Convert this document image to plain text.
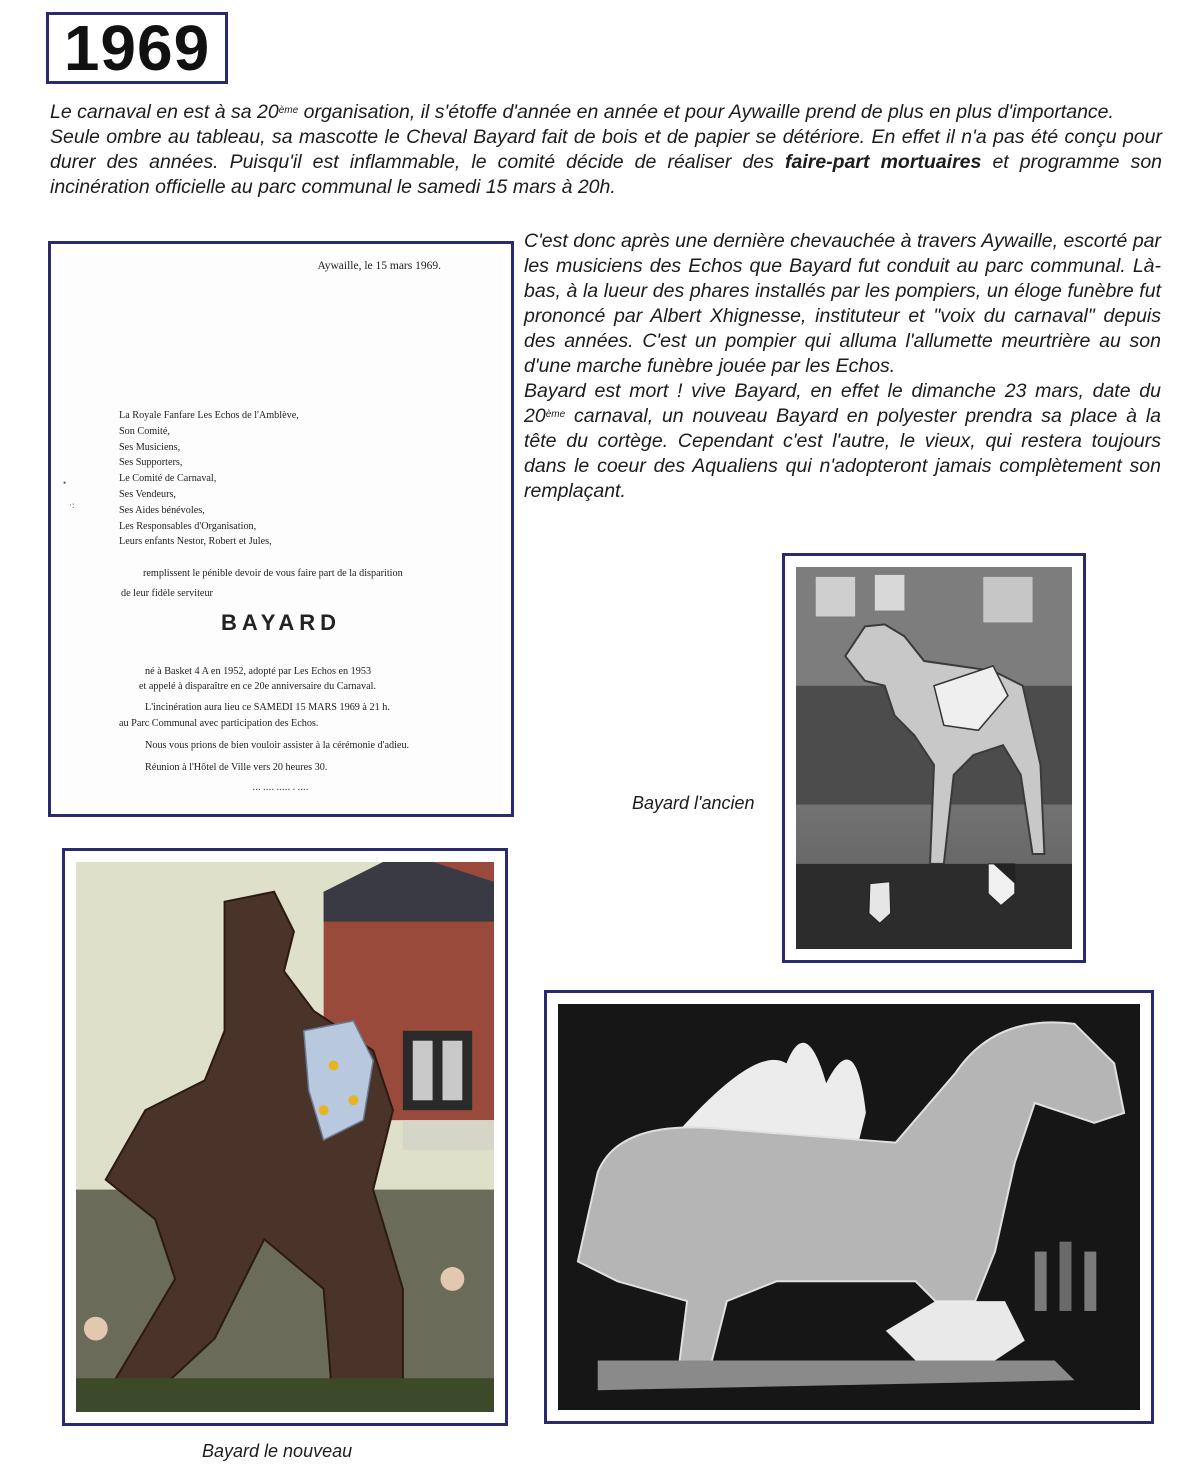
1969

Le carnaval en est à sa 20ème organisation, il s'étoffe d'année en année et pour Aywaille prend de plus en plus d'importance.
Seule ombre au tableau, sa mascotte le Cheval Bayard fait de bois et de papier se détériore. En effet il n'a pas été conçu pour durer des années. Puisqu'il est inflammable, le comité décide de réaliser des faire-part mortuaires et programme son incinération officielle au parc communal le samedi 15 mars à 20h.

C'est donc après une dernière chevauchée à travers Aywaille, escorté par les musiciens des Echos que Bayard fut conduit au parc communal. Là-bas, à la lueur des phares installés par les pompiers, un éloge funèbre fut prononcé par Albert Xhignesse, instituteur et "voix du carnaval" depuis des années. C'est un pompier qui alluma l'allumette meurtrière au son d'une marche funèbre jouée par les Echos.
Bayard est mort ! vive Bayard, en effet le dimanche 23 mars, date du 20ème carnaval, un nouveau Bayard en polyester prendra sa place à la tête du cortège. Cependant c'est l'autre, le vieux, qui restera toujours dans le coeur des Aqualiens qui n'adopteront jamais complètement son remplaçant.

Aywaille, le 15 mars 1969.
La Royale Fanfare Les Echos de l'Amblève,
Son Comité,
Ses Musiciens,
Ses Supporters,
Le Comité de Carnaval,
Ses Vendeurs,
Ses Aides bénévoles,
Les Responsables d'Organisation,
Leurs enfants Nestor, Robert et Jules,
•
·:
remplissent le pénible devoir de vous faire part de la disparition
de leur fidèle serviteur
BAYARD
né à Basket 4 A en 1952, adopté par Les Echos en 1953
et appelé à disparaître en ce 20e anniversaire du Carnaval.
L'incinération aura lieu ce SAMEDI 15 MARS 1969 à 21 h.
au Parc Communal avec participation des Echos.
Nous vous prions de bien vouloir assister à la cérémonie d'adieu.
Réunion à l'Hôtel de Ville vers 20 heures 30.
▪▪▪ ▪▪▪▪ ▪▪▪▪▪ ▪ ▪▪▪▪
Bayard l'ancien
Bayard le nouveau
